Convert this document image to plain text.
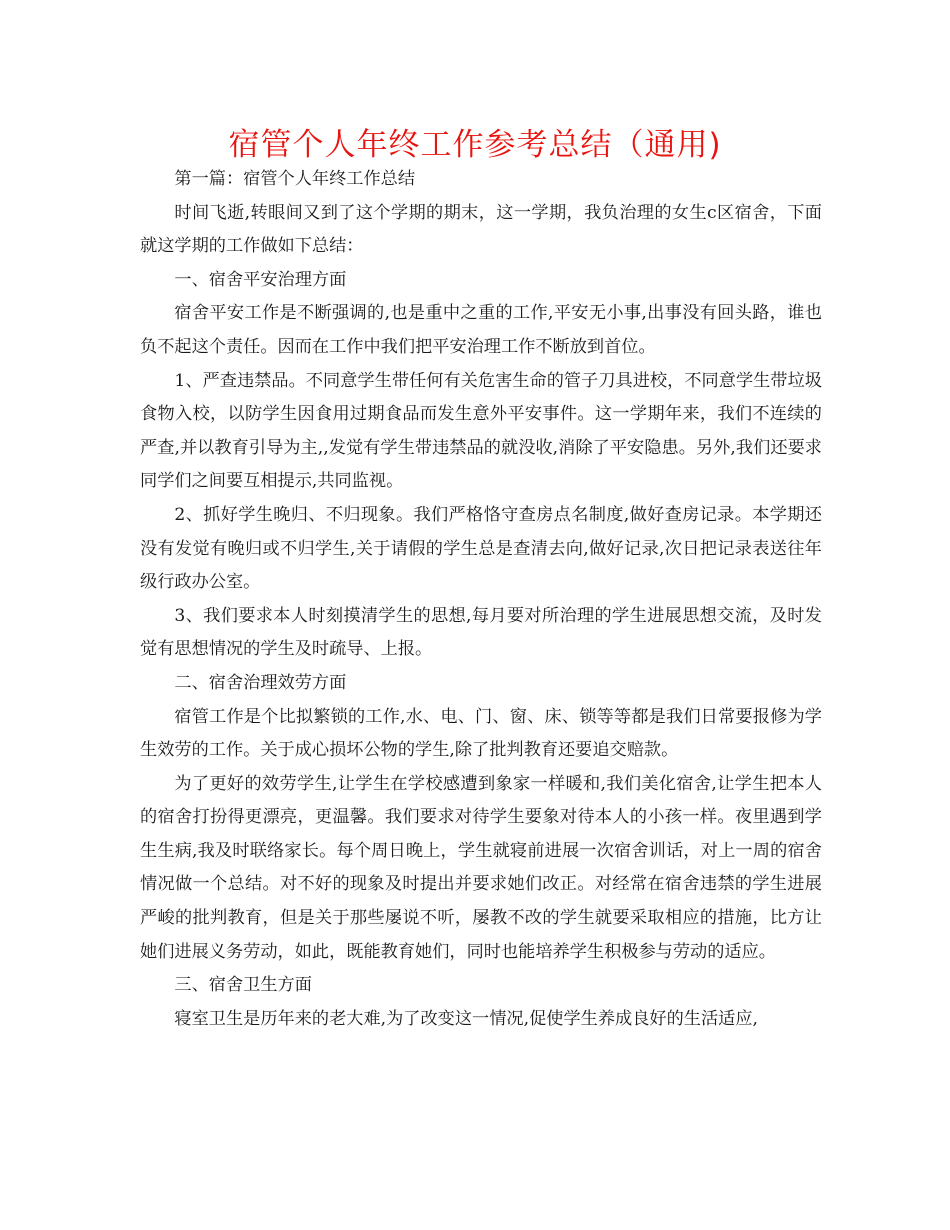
宿管个人年终工作参考总结（通用)

第一篇：宿管个人年终工作总结

时间飞逝,转眼间又到了这个学期的期末，这一学期，我负治理的女生c区宿舍，下面就这学期的工作做如下总结：

一、宿舍平安治理方面

宿舍平安工作是不断强调的,也是重中之重的工作,平安无小事,出事没有回头路，谁也负不起这个责任。因而在工作中我们把平安治理工作不断放到首位。

1、严查违禁品。不同意学生带任何有关危害生命的管子刀具进校，不同意学生带垃圾食物入校，以防学生因食用过期食品而发生意外平安事件。这一学期年来，我们不连续的严查,并以教育引导为主,,发觉有学生带违禁品的就没收,消除了平安隐患。另外,我们还要求同学们之间要互相提示,共同监视。

2、抓好学生晚归、不归现象。我们严格恪守查房点名制度,做好查房记录。本学期还没有发觉有晚归或不归学生,关于请假的学生总是查清去向,做好记录,次日把记录表送往年级行政办公室。

3、我们要求本人时刻摸清学生的思想,每月要对所治理的学生进展思想交流，及时发觉有思想情况的学生及时疏导、上报。

二、宿舍治理效劳方面

宿管工作是个比拟繁锁的工作,水、电、门、窗、床、锁等等都是我们日常要报修为学生效劳的工作。关于成心损坏公物的学生,除了批判教育还要追交赔款。

为了更好的效劳学生,让学生在学校感遭到象家一样暖和,我们美化宿舍,让学生把本人的宿舍打扮得更漂亮，更温馨。我们要求对待学生要象对待本人的小孩一样。夜里遇到学生生病,我及时联络家长。每个周日晚上，学生就寝前进展一次宿舍训话，对上一周的宿舍情况做一个总结。对不好的现象及时提出并要求她们改正。对经常在宿舍违禁的学生进展严峻的批判教育，但是关于那些屡说不听，屡教不改的学生就要采取相应的措施，比方让她们进展义务劳动，如此，既能教育她们，同时也能培养学生积极参与劳动的适应。

三、宿舍卫生方面

寝室卫生是历年来的老大难,为了改变这一情况,促使学生养成良好的生活适应,
